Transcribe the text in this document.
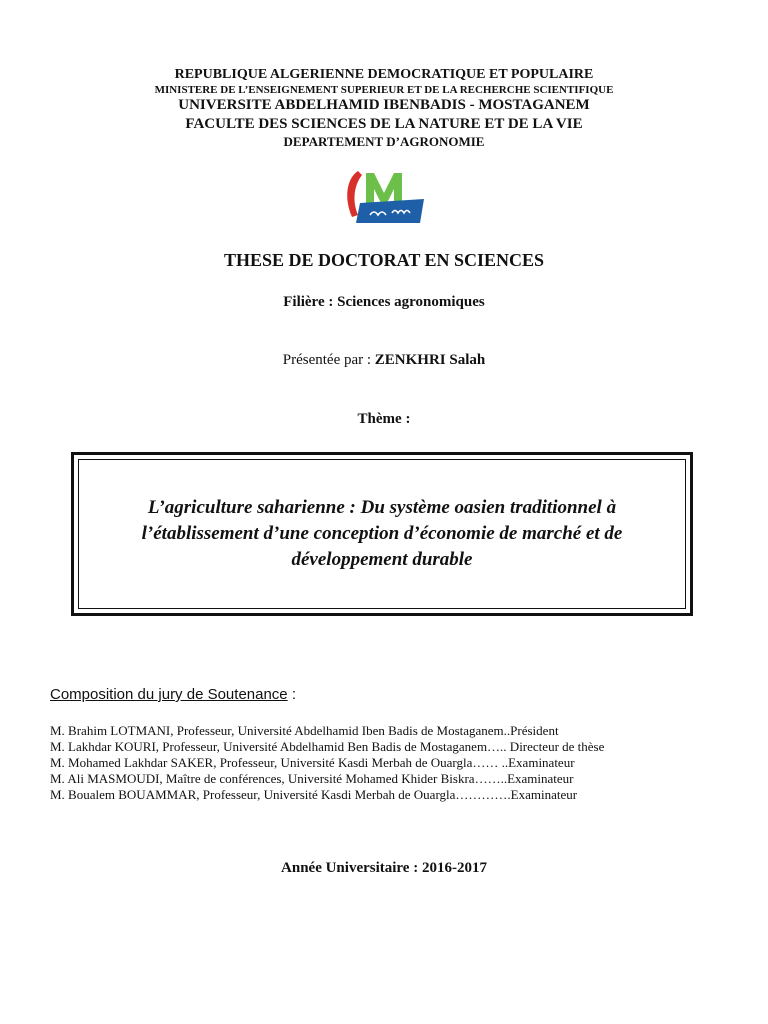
REPUBLIQUE ALGERIENNE DEMOCRATIQUE ET POPULAIRE
MINISTERE DE L’ENSEIGNEMENT SUPERIEUR ET DE LA RECHERCHE SCIENTIFIQUE
UNIVERSITE ABDELHAMID IBENBADIS - MOSTAGANEM
FACULTE DES SCIENCES DE LA NATURE ET DE LA VIE
DEPARTEMENT D’AGRONOMIE
THESE DE DOCTORAT EN SCIENCES
Filière : Sciences agronomiques
Présentée par : ZENKHRI Salah
Thème :
L’agriculture saharienne : Du système oasien traditionnel à
l’établissement d’une conception d’économie de marché et de
développement durable
Composition du jury de Soutenance :
M. Brahim LOTMANI, Professeur, Université Abdelhamid Iben Badis de Mostaganem..Président
M. Lakhdar KOURI, Professeur, Université Abdelhamid Ben Badis de Mostaganem….. Directeur de thèse
M. Mohamed Lakhdar SAKER, Professeur, Université Kasdi Merbah de Ouargla…… ..Examinateur
M. Ali MASMOUDI, Maître de conférences, Université Mohamed Khider Biskra……..Examinateur
M. Boualem BOUAMMAR, Professeur, Université Kasdi Merbah de Ouargla………….Examinateur
Année Universitaire : 2016-2017
